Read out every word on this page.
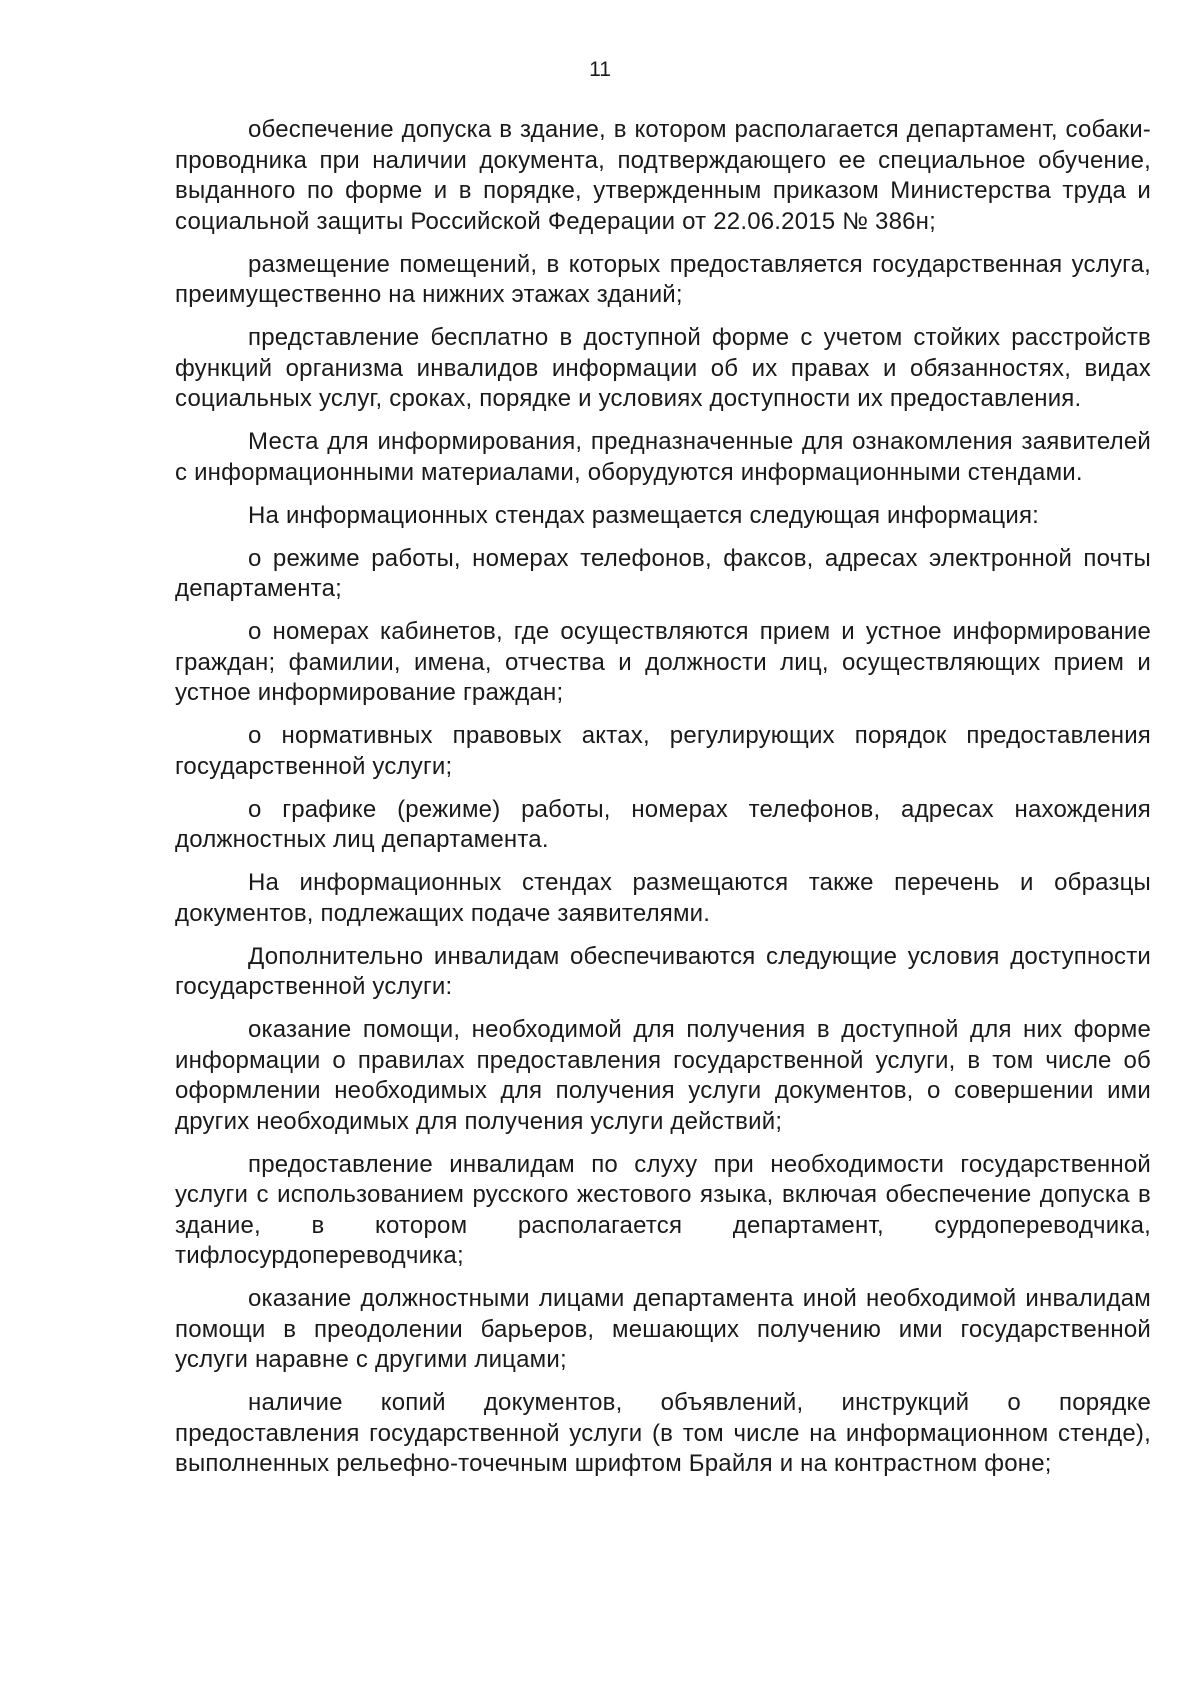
11

обеспечение допуска в здание, в котором располагается департамент, собаки-проводника при наличии документа, подтверждающего ее специальное обучение, выданного по форме и в порядке, утвержденным приказом Министерства труда и социальной защиты Российской Федерации от 22.06.2015 № 386н;

размещение помещений, в которых предоставляется государственная услуга, преимущественно на нижних этажах зданий;

представление бесплатно в доступной форме с учетом стойких расстройств функций организма инвалидов информации об их правах и обязанностях, видах социальных услуг, сроках, порядке и условиях доступности их предоставления.

Места для информирования, предназначенные для ознакомления заявителей с информационными материалами, оборудуются информационными стендами.

На информационных стендах размещается следующая информация:

о режиме работы, номерах телефонов, факсов, адресах электронной почты департамента;

о номерах кабинетов, где осуществляются прием и устное информирование граждан; фамилии, имена, отчества и должности лиц, осуществляющих прием и устное информирование граждан;

о нормативных правовых актах, регулирующих порядок предоставления государственной услуги;

о графике (режиме) работы, номерах телефонов, адресах нахождения должностных лиц департамента.

На информационных стендах размещаются также перечень и образцы документов, подлежащих подаче заявителями.

Дополнительно инвалидам обеспечиваются следующие условия доступности государственной услуги:

оказание помощи, необходимой для получения в доступной для них форме информации о правилах предоставления государственной услуги, в том числе об оформлении необходимых для получения услуги документов, о совершении ими других необходимых для получения услуги действий;

предоставление инвалидам по слуху при необходимости государственной услуги с использованием русского жестового языка, включая обеспечение допуска в здание, в котором располагается департамент, сурдопереводчика, тифлосурдопереводчика;

оказание должностными лицами департамента иной необходимой инвалидам помощи в преодолении барьеров, мешающих получению ими государственной услуги наравне с другими лицами;

наличие копий документов, объявлений, инструкций о порядке предоставления государственной услуги (в том числе на информационном стенде), выполненных рельефно-точечным шрифтом Брайля и на контрастном фоне;
